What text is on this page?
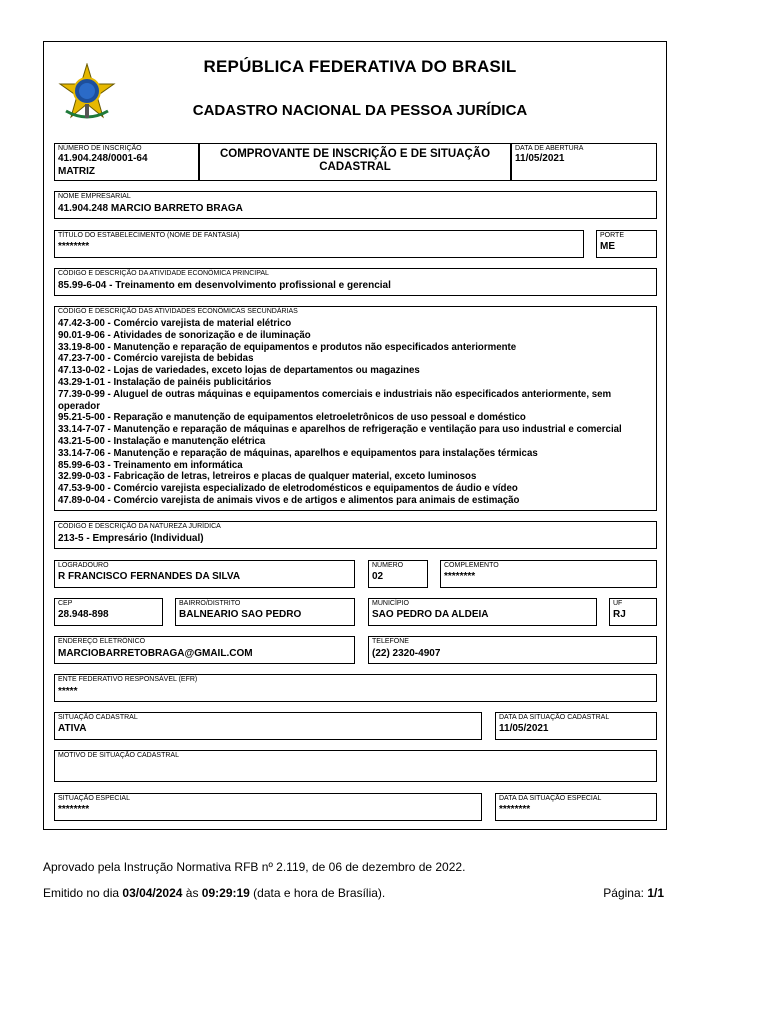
REPÚBLICA FEDERATIVA DO BRASIL
CADASTRO NACIONAL DA PESSOA JURÍDICA
NÚMERO DE INSCRIÇÃO
41.904.248/0001-64
MATRIZ
COMPROVANTE DE INSCRIÇÃO E DE SITUAÇÃO
CADASTRAL
DATA DE ABERTURA
11/05/2021
NOME EMPRESARIAL
41.904.248 MARCIO BARRETO BRAGA
TÍTULO DO ESTABELECIMENTO (NOME DE FANTASIA)
********
PORTE
ME
CÓDIGO E DESCRIÇÃO DA ATIVIDADE ECONÔMICA PRINCIPAL
85.99-6-04 - Treinamento em desenvolvimento profissional e gerencial
CÓDIGO E DESCRIÇÃO DAS ATIVIDADES ECONÔMICAS SECUNDÁRIAS
47.42-3-00 - Comércio varejista de material elétrico
90.01-9-06 - Atividades de sonorização e de iluminação
33.19-8-00 - Manutenção e reparação de equipamentos e produtos não especificados anteriormente
47.23-7-00 - Comércio varejista de bebidas
47.13-0-02 - Lojas de variedades, exceto lojas de departamentos ou magazines
43.29-1-01 - Instalação de painéis publicitários
77.39-0-99 - Aluguel de outras máquinas e equipamentos comerciais e industriais não especificados anteriormente, sem
operador
95.21-5-00 - Reparação e manutenção de equipamentos eletroeletrônicos de uso pessoal e doméstico
33.14-7-07 - Manutenção e reparação de máquinas e aparelhos de refrigeração e ventilação para uso industrial e comercial
43.21-5-00 - Instalação e manutenção elétrica
33.14-7-06 - Manutenção e reparação de máquinas, aparelhos e equipamentos para instalações térmicas
85.99-6-03 - Treinamento em informática
32.99-0-03 - Fabricação de letras, letreiros e placas de qualquer material, exceto luminosos
47.53-9-00 - Comércio varejista especializado de eletrodomésticos e equipamentos de áudio e vídeo
47.89-0-04 - Comércio varejista de animais vivos e de artigos e alimentos para animais de estimação
CÓDIGO E DESCRIÇÃO DA NATUREZA JURÍDICA
213-5 - Empresário (Individual)
LOGRADOURO
R FRANCISCO FERNANDES DA SILVA
NÚMERO
02
COMPLEMENTO
********
CEP
28.948-898
BAIRRO/DISTRITO
BALNEARIO SAO PEDRO
MUNICÍPIO
SAO PEDRO DA ALDEIA
UF
RJ
ENDEREÇO ELETRÔNICO
MARCIOBARRETOBRAGA@GMAIL.COM
TELEFONE
(22) 2320-4907
ENTE FEDERATIVO RESPONSÁVEL (EFR)
*****
SITUAÇÃO CADASTRAL
ATIVA
DATA DA SITUAÇÃO CADASTRAL
11/05/2021
MOTIVO DE SITUAÇÃO CADASTRAL
SITUAÇÃO ESPECIAL
********
DATA DA SITUAÇÃO ESPECIAL
********
Aprovado pela Instrução Normativa RFB nº 2.119, de 06 de dezembro de 2022.
Emitido no dia 03/04/2024 às 09:29:19 (data e hora de Brasília).	Página: 1/1
